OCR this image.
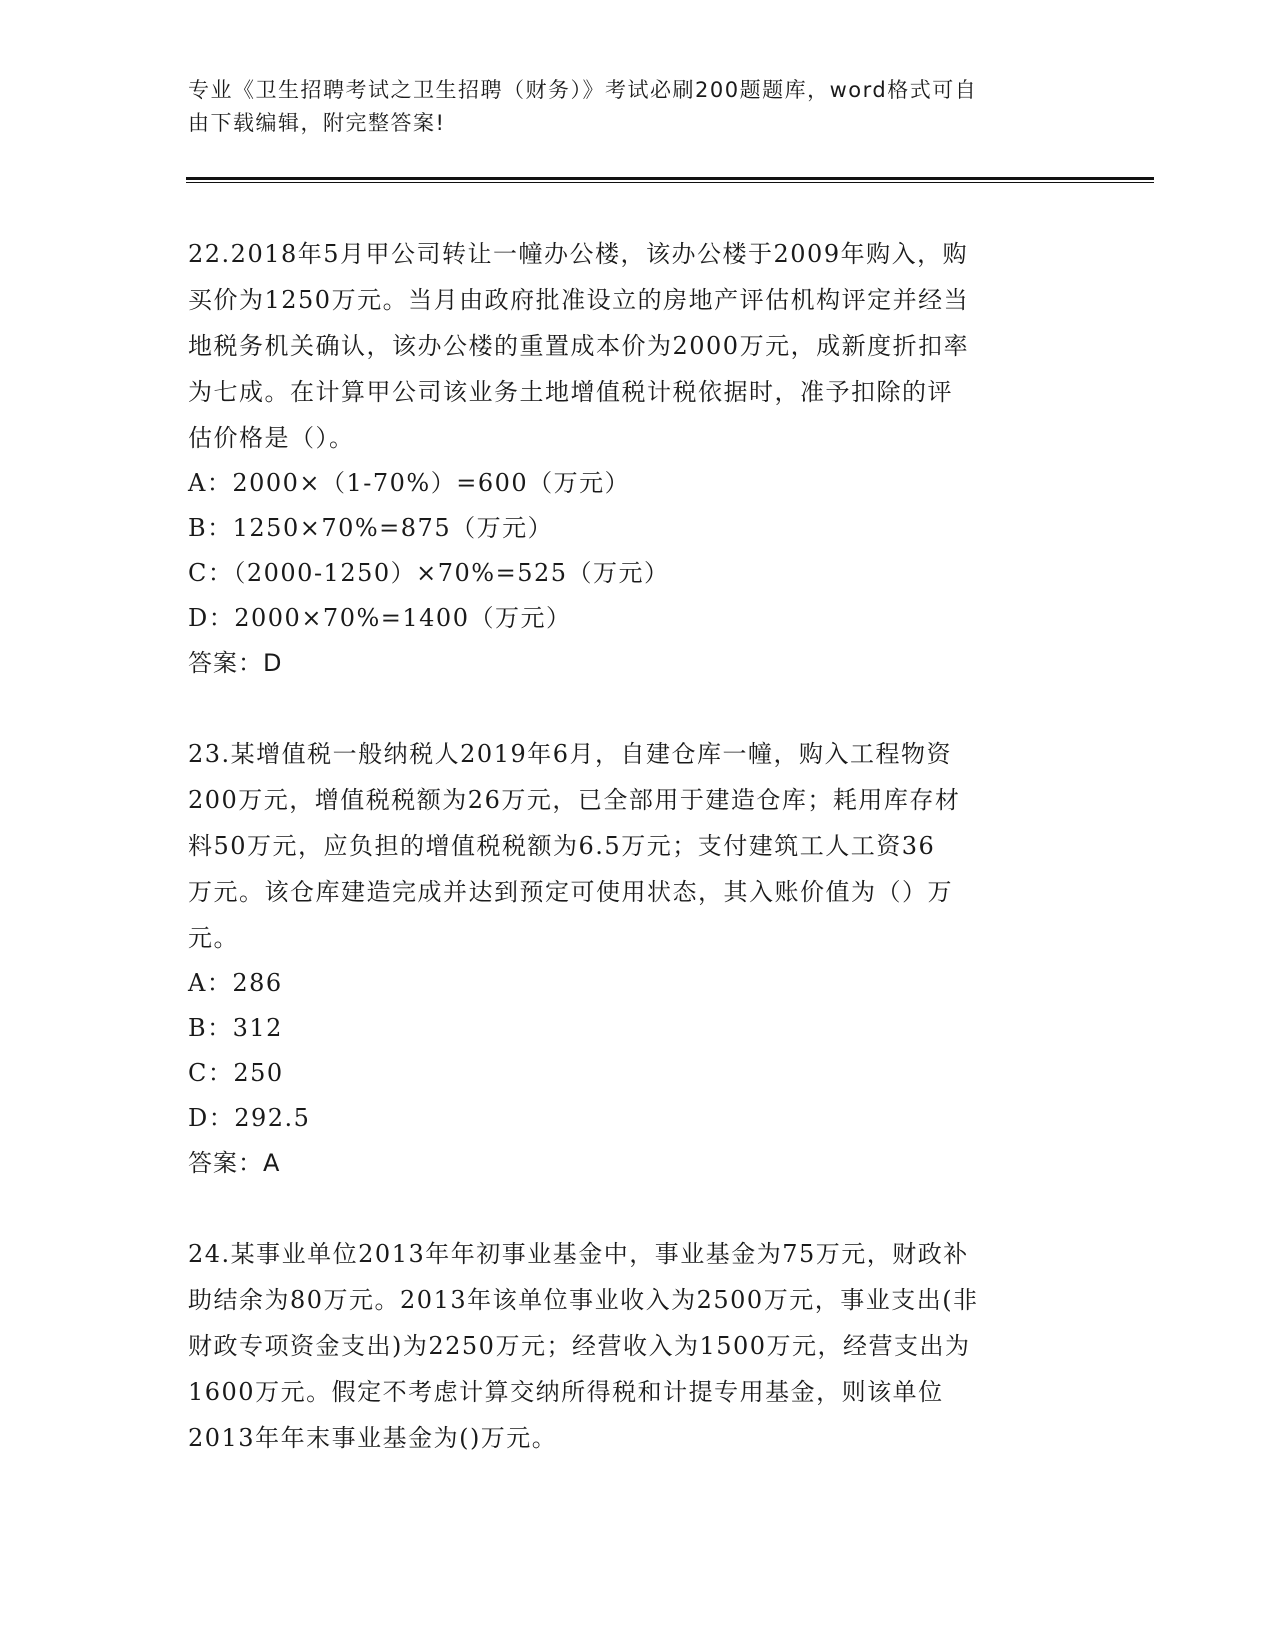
专业《卫生招聘考试之卫生招聘（财务）》考试必刷200题题库，word格式可自
由下载编辑，附完整答案!
22.2018年5月甲公司转让一幢办公楼，该办公楼于2009年购入，购
买价为1250万元。当月由政府批准设立的房地产评估机构评定并经当
地税务机关确认，该办公楼的重置成本价为2000万元，成新度折扣率
为七成。在计算甲公司该业务土地增值税计税依据时，准予扣除的评
估价格是（）。
A：2000×（1-70%）=600（万元）
B：1250×70%=875（万元）
C：（2000-1250）×70%=525（万元）
D：2000×70%=1400（万元）
答案：D
23.某增值税一般纳税人2019年6月，自建仓库一幢，购入工程物资
200万元，增值税税额为26万元，已全部用于建造仓库；耗用库存材
料50万元，应负担的增值税税额为6.5万元；支付建筑工人工资36
万元。该仓库建造完成并达到预定可使用状态，其入账价值为（）万
元。
A：286
B：312
C：250
D：292.5
答案：A
24.某事业单位2013年年初事业基金中，事业基金为75万元，财政补
助结余为80万元。2013年该单位事业收入为2500万元，事业支出(非
财政专项资金支出)为2250万元；经营收入为1500万元，经营支出为
1600万元。假定不考虑计算交纳所得税和计提专用基金，则该单位
2013年年末事业基金为()万元。
